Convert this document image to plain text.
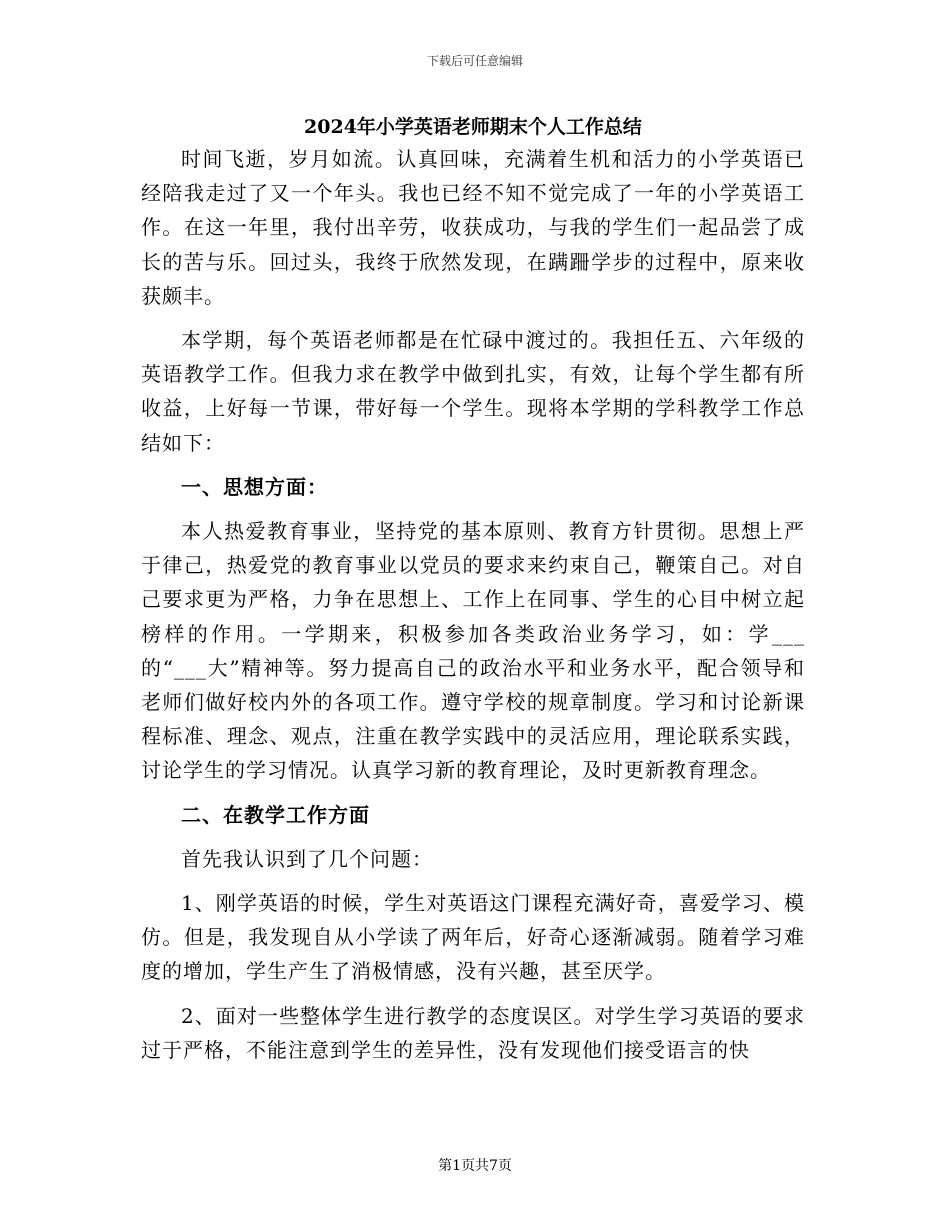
下载后可任意编辑
2024年小学英语老师期末个人工作总结

时间飞逝，岁月如流。认真回味，充满着生机和活力的小学英语已经陪我走过了又一个年头。我也已经不知不觉完成了一年的小学英语工作。在这一年里，我付出辛劳，收获成功，与我的学生们一起品尝了成长的苦与乐。回过头，我终于欣然发现，在蹒跚学步的过程中，原来收获颇丰。

本学期，每个英语老师都是在忙碌中渡过的。我担任五、六年级的英语教学工作。但我力求在教学中做到扎实，有效，让每个学生都有所收益，上好每一节课，带好每一个学生。现将本学期的学科教学工作总结如下：

一、思想方面：

本人热爱教育事业，坚持党的基本原则、教育方针贯彻。思想上严于律己，热爱党的教育事业以党员的要求来约束自己，鞭策自己。对自己要求更为严格，力争在思想上、工作上在同事、学生的心目中树立起榜样的作用。一学期来，积极参加各类政治业务学习，如：学___的“___大”精神等。努力提高自己的政治水平和业务水平，配合领导和老师们做好校内外的各项工作。遵守学校的规章制度。学习和讨论新课程标准、理念、观点，注重在教学实践中的灵活应用，理论联系实践，讨论学生的学习情况。认真学习新的教育理论，及时更新教育理念。

二、在教学工作方面

首先我认识到了几个问题：

1、刚学英语的时候，学生对英语这门课程充满好奇，喜爱学习、模仿。但是，我发现自从小学读了两年后，好奇心逐渐减弱。随着学习难度的增加，学生产生了消极情感，没有兴趣，甚至厌学。

2、面对一些整体学生进行教学的态度误区。对学生学习英语的要求过于严格，不能注意到学生的差异性，没有发现他们接受语言的快

第1页共7页
